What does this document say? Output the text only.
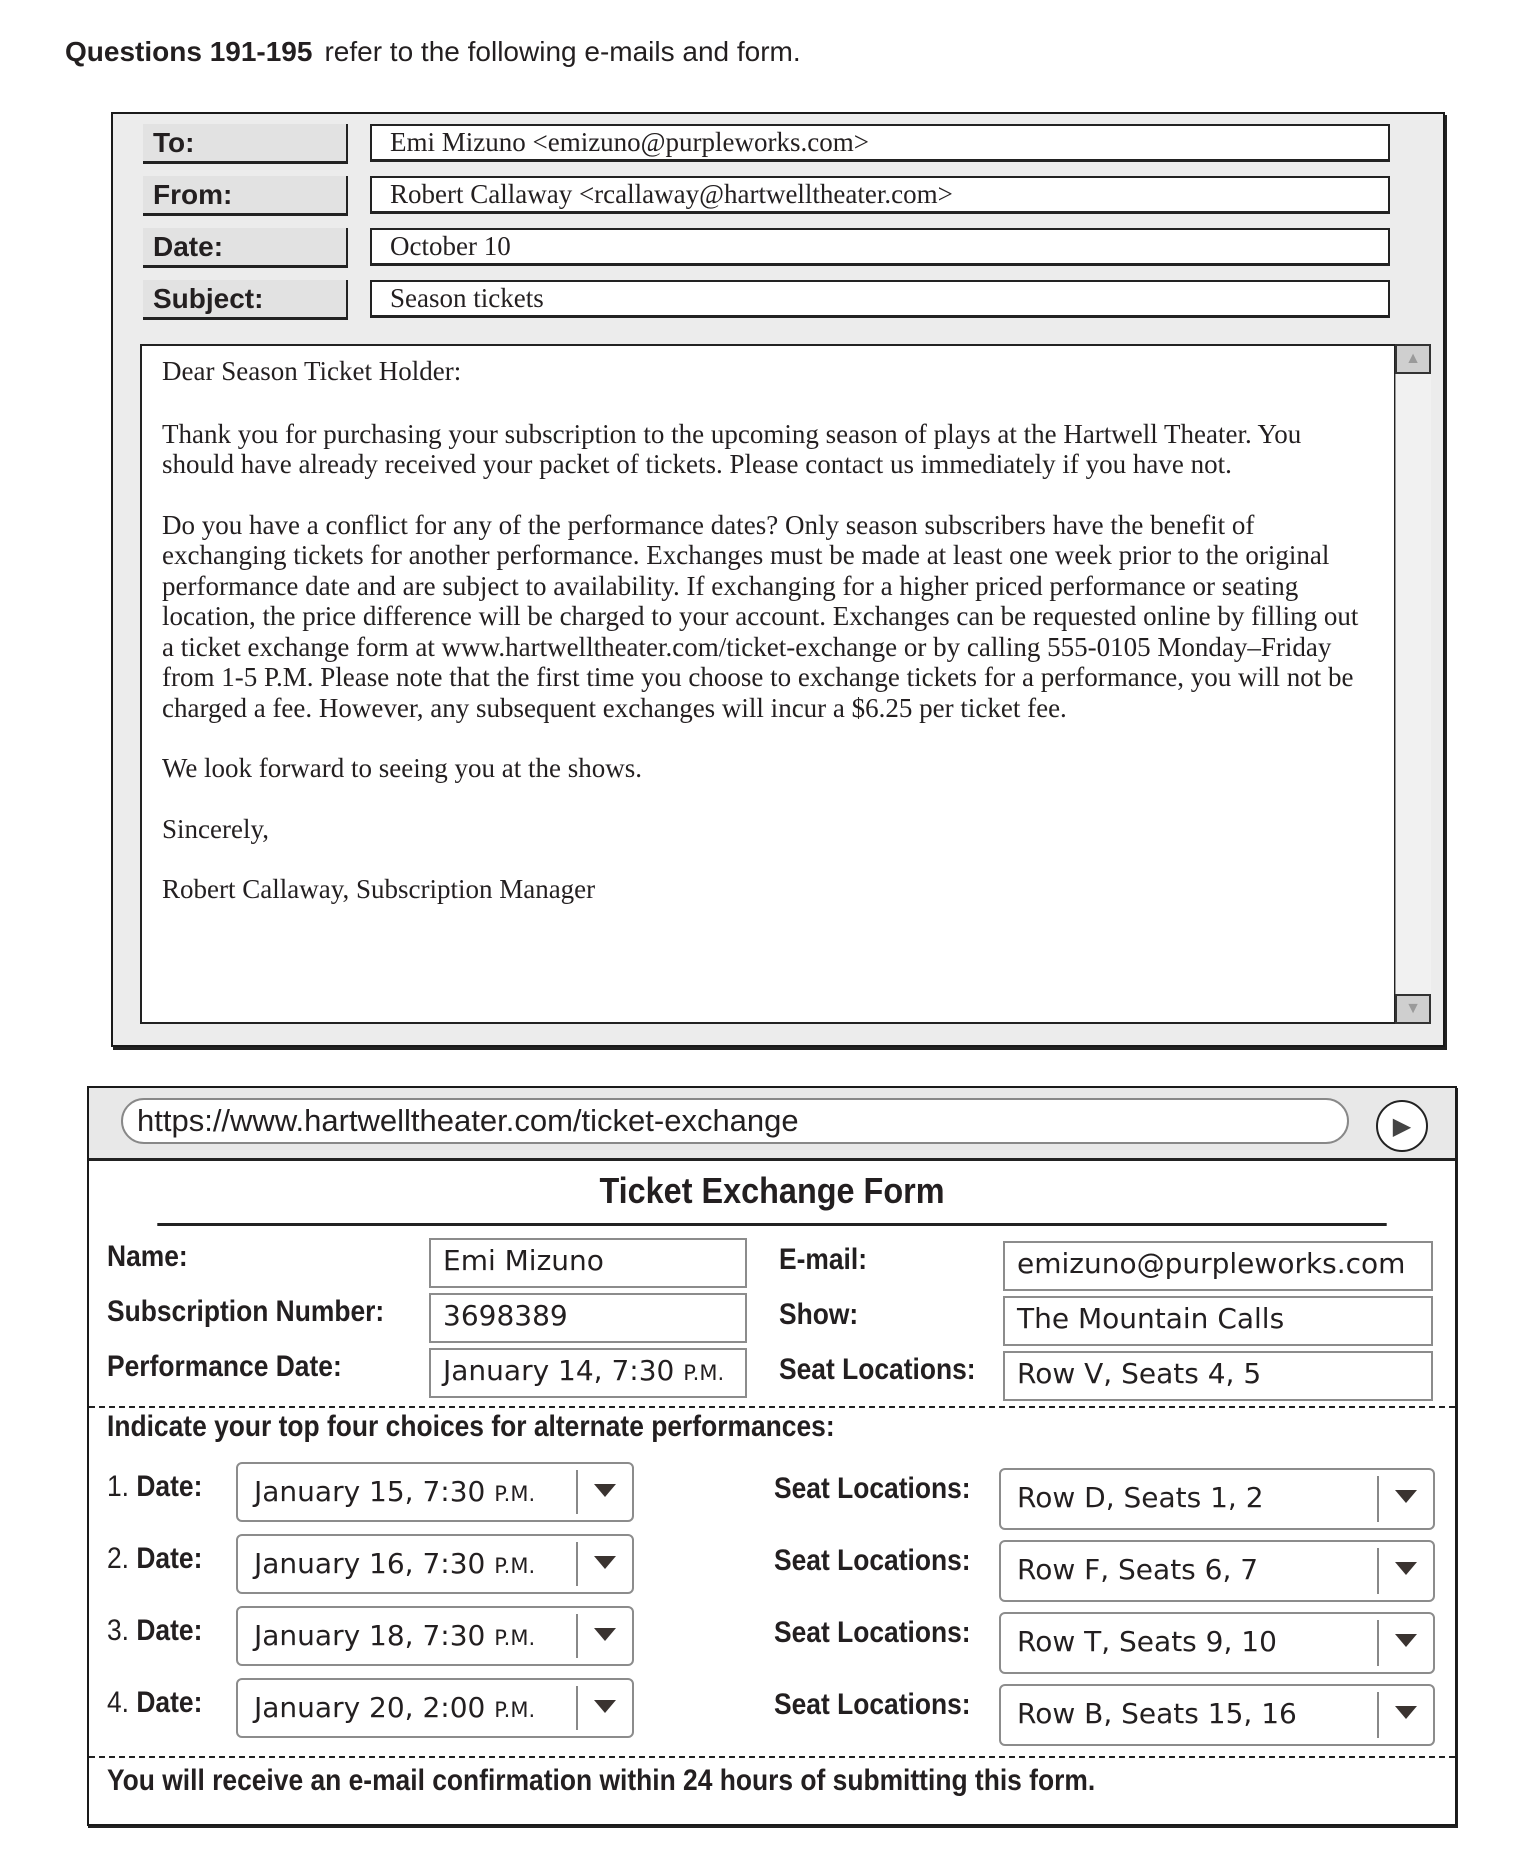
Questions 191-195 refer to the following e-mails and form.
To:	Emi Mizuno <emizuno@purpleworks.com>
From:	Robert Callaway <rcallaway@hartwelltheater.com>
Date:	October 10
Subject:	Season tickets

Dear Season Ticket Holder:

Thank you for purchasing your subscription to the upcoming season of plays at the Hartwell Theater. You should have already received your packet of tickets. Please contact us immediately if you have not.

Do you have a conflict for any of the performance dates? Only season subscribers have the benefit of exchanging tickets for another performance. Exchanges must be made at least one week prior to the original performance date and are subject to availability. If exchanging for a higher priced performance or seating location, the price difference will be charged to your account. Exchanges can be requested online by filling out a ticket exchange form at www.hartwelltheater.com/ticket-exchange or by calling 555-0105 Monday–Friday from 1-5 P.M. Please note that the first time you choose to exchange tickets for a performance, you will not be charged a fee. However, any subsequent exchanges will incur a $6.25 per ticket fee.

We look forward to seeing you at the shows.

Sincerely,

Robert Callaway, Subscription Manager

▲
▼
https://www.hartwelltheater.com/ticket-exchange	▶
Ticket Exchange Form
Name:	Emi Mizuno
Subscription Number:	3698389
Performance Date:	January 14, 7:30 P.M.
E-mail:	emizuno@purpleworks.com
Show:	The Mountain Calls
Seat Locations:	Row V, Seats 4, 5
Indicate your top four choices for alternate performances:
1. Date: January 15, 7:30 P.M.	Seat Locations: Row D, Seats 1, 2
2. Date: January 16, 7:30 P.M.	Seat Locations: Row F, Seats 6, 7
3. Date: January 18, 7:30 P.M.	Seat Locations: Row T, Seats 9, 10
4. Date: January 20, 2:00 P.M.	Seat Locations: Row B, Seats 15, 16
You will receive an e-mail confirmation within 24 hours of submitting this form.
